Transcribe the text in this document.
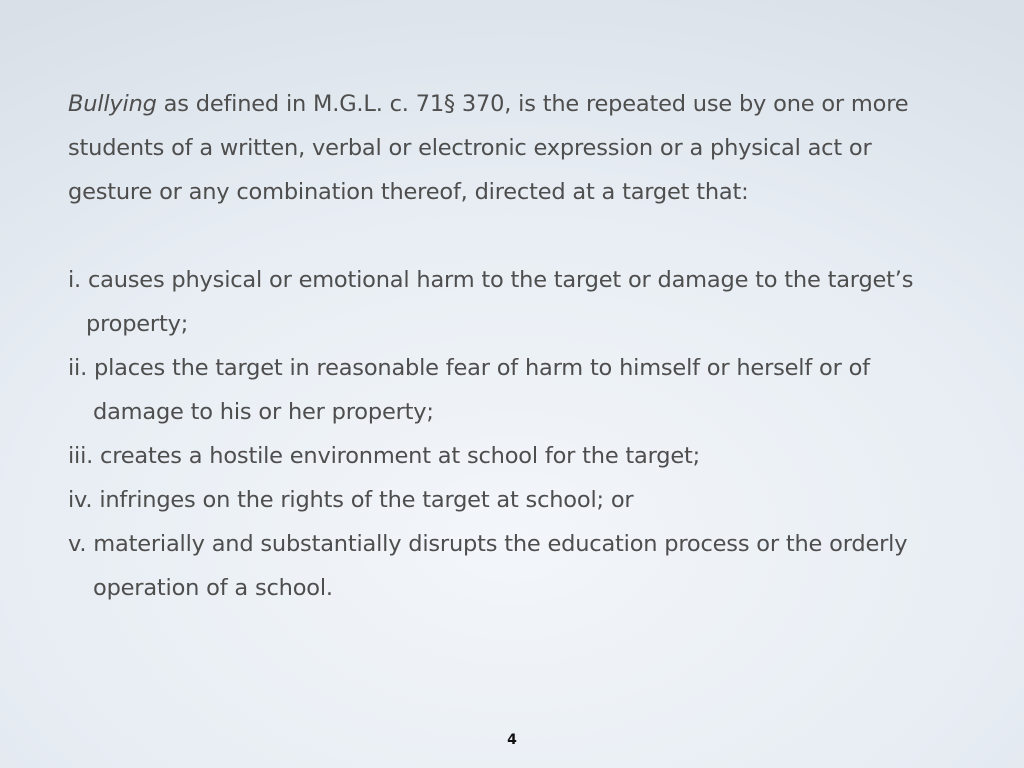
Bullying as defined in M.G.L. c. 71§ 370, is the repeated use by one or more
students of a written, verbal or electronic expression or a physical act or
gesture or any combination thereof, directed at a target that:
i. causes physical or emotional harm to the target or damage to the target’s
property;
ii. places the target in reasonable fear of harm to himself or herself or of
damage to his or her property;
iii. creates a hostile environment at school for the target;
iv. infringes on the rights of the target at school; or
v. materially and substantially disrupts the education process or the orderly
operation of a school.
4
